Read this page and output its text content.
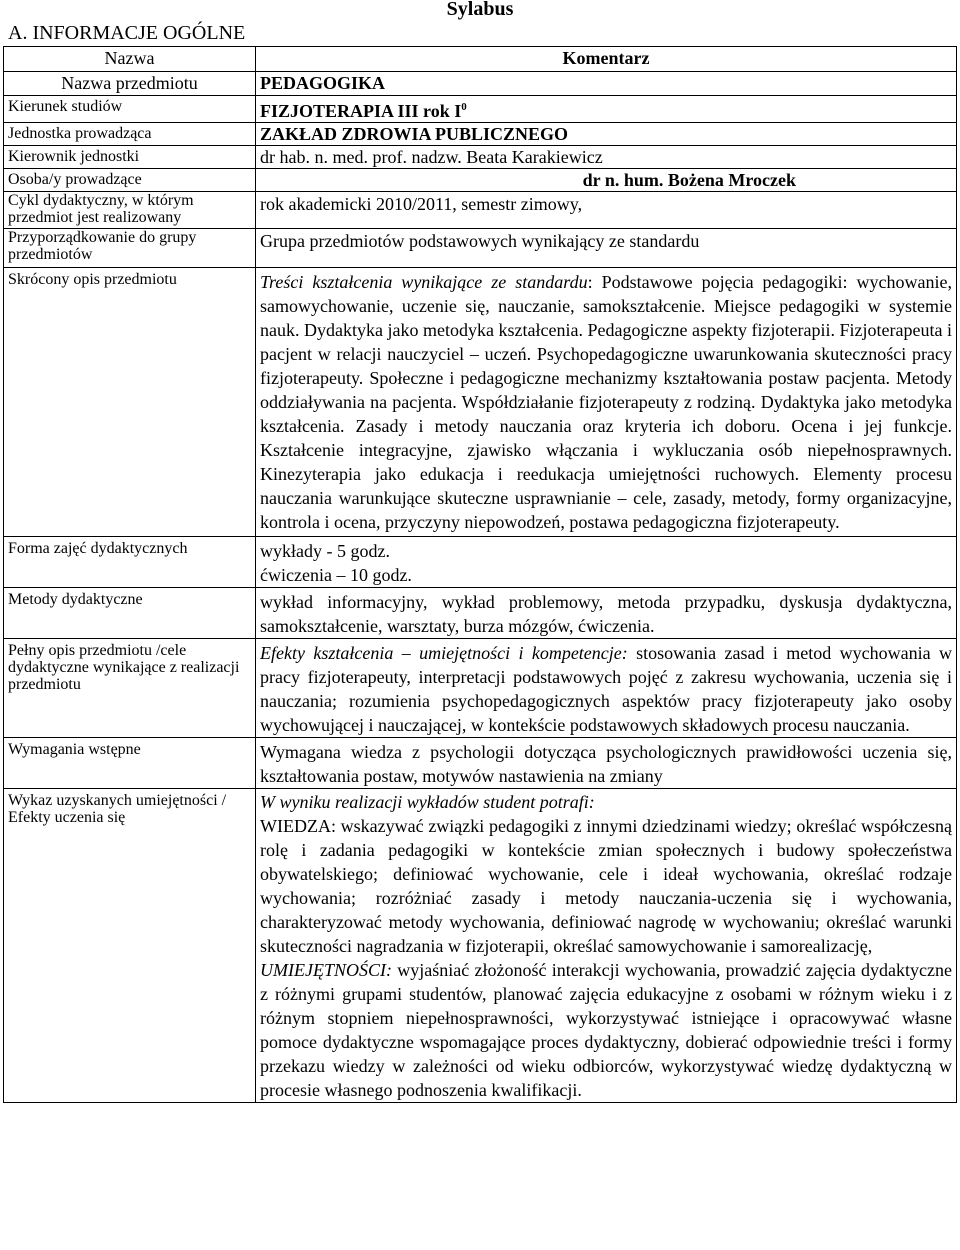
Sylabus
A. INFORMACJE OGÓLNE
Nazwa	Komentarz
Nazwa przedmiotu	PEDAGOGIKA
Kierunek studiów	FIZJOTERAPIA III rok $I^0$
Jednostka prowadząca	ZAKŁAD ZDROWIA PUBLICZNEGO
Kierownik jednostki	dr hab. n. med. prof. nadzw. Beata Karakiewicz
Osoba/y prowadzące	dr n. hum. Bożena Mroczek
Cykl dydaktyczny, w którym przedmiot jest realizowany	rok akademicki 2010/2011, semestr zimowy,
Przyporządkowanie do grupy przedmiotów	Grupa przedmiotów podstawowych wynikający ze standardu
Skrócony opis przedmiotu	Treści kształcenia wynikające ze standardu: Podstawowe pojęcia pedagogiki: wychowanie, samowychowanie, uczenie się, nauczanie, samokształcenie. Miejsce pedagogiki w systemie nauk. Dydaktyka jako metodyka kształcenia. Pedagogiczne aspekty fizjoterapii. Fizjoterapeuta i pacjent w relacji nauczyciel – uczeń. Psychopedagogiczne uwarunkowania skuteczności pracy fizjoterapeuty. Społeczne i pedagogiczne mechanizmy kształtowania postaw pacjenta. Metody oddziaływania na pacjenta. Współdziałanie fizjoterapeuty z rodziną. Dydaktyka jako metodyka kształcenia. Zasady i metody nauczania oraz kryteria ich doboru. Ocena i jej funkcje. Kształcenie integracyjne, zjawisko włączania i wykluczania osób niepełnosprawnych. Kinezyterapia jako edukacja i reedukacja umiejętności ruchowych. Elementy procesu nauczania warunkujące skuteczne usprawnianie – cele, zasady, metody, formy organizacyjne, kontrola i ocena, przyczyny niepowodzeń, postawa pedagogiczna fizjoterapeuty.
Forma zajęć dydaktycznych	wykłady - 5 godz.

ćwiczenia – 10 godz.

Metody dydaktyczne	wykład informacyjny, wykład problemowy, metoda przypadku, dyskusja dydaktyczna, samokształcenie, warsztaty, burza mózgów, ćwiczenia.
Pełny opis przedmiotu /cele dydaktyczne wynikające z realizacji przedmiotu	Efekty kształcenia – umiejętności i kompetencje: stosowania zasad i metod wychowania w pracy fizjoterapeuty, interpretacji podstawowych pojęć z zakresu wychowania, uczenia się i nauczania; rozumienia psychopedagogicznych aspektów pracy fizjoterapeuty jako osoby wychowującej i nauczającej, w kontekście podstawowych składowych procesu nauczania.
Wymagania wstępne	Wymagana wiedza z psychologii dotycząca psychologicznych prawidłowości uczenia się, kształtowania postaw, motywów nastawienia na zmiany
Wykaz uzyskanych umiejętności / Efekty uczenia się	W wyniku realizacji wykładów student potrafi:

WIEDZA: wskazywać związki pedagogiki z innymi dziedzinami wiedzy; określać współczesną rolę i zadania pedagogiki w kontekście zmian społecznych i budowy społeczeństwa obywatelskiego; definiować wychowanie, cele i ideał wychowania, określać rodzaje wychowania; rozróżniać zasady i metody nauczania-uczenia się i wychowania, charakteryzować metody wychowania, definiować nagrodę w wychowaniu; określać warunki skuteczności nagradzania w fizjoterapii, określać samowychowanie i samorealizację,

UMIEJĘTNOŚCI: wyjaśniać złożoność interakcji wychowania, prowadzić zajęcia dydaktyczne z różnymi grupami studentów, planować zajęcia edukacyjne z osobami w różnym wieku i z różnym stopniem niepełnosprawności, wykorzystywać istniejące i opracowywać własne pomoce dydaktyczne wspomagające proces dydaktyczny, dobierać odpowiednie treści i formy przekazu wiedzy w zależności od wieku odbiorców, wykorzystywać wiedzę dydaktyczną w procesie własnego podnoszenia kwalifikacji.
